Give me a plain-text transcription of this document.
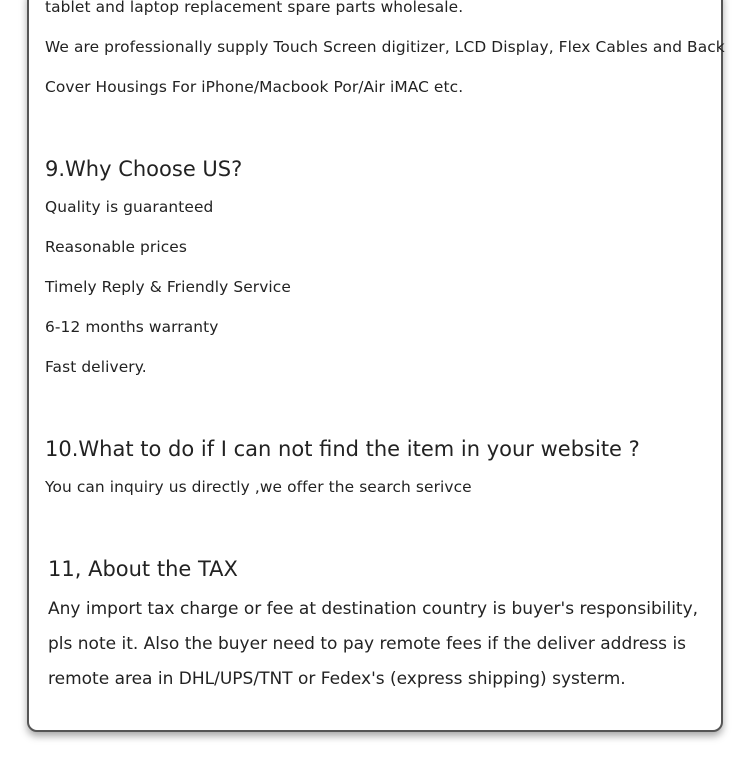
tablet and laptop replacement spare parts wholesale.
We are professionally supply Touch Screen digitizer, LCD Display, Flex Cables and Back
Cover Housings For iPhone/Macbook Por/Air iMAC etc.
9.Why Choose US?
Quality is guaranteed
Reasonable prices
Timely Reply & Friendly Service
6-12 months warranty
Fast delivery.
10.What to do if I can not find the item in your website ?
You can inquiry us directly ,we offer the search serivce
11, About the TAX
Any import tax charge or fee at destination country is buyer's responsibility,
pls note it. Also the buyer need to pay remote fees if the deliver address is
remote area in DHL/UPS/TNT or Fedex's (express shipping) systerm.
